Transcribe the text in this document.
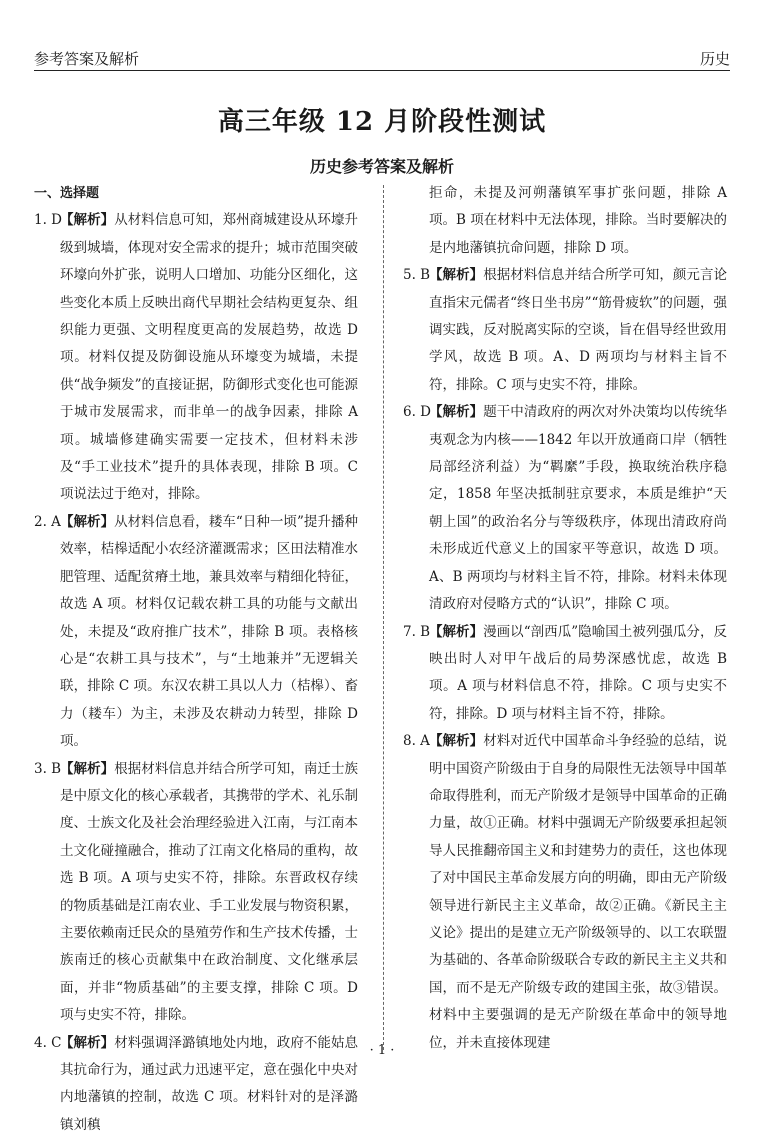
参考答案及解析	历史
高三年级 12 月阶段性测试
历史参考答案及解析
一、选择题
1. D
【解析】从材料信息可知，郑州商城建设从环壕升级到城墙，体现对安全需求的提升；城市范围突破环壕向外扩张，说明人口增加、功能分区细化，这些变化本质上反映出商代早期社会结构更复杂、组织能力更强、文明程度更高的发展趋势，故选 D 项。材料仅提及防御设施从环壕变为城墙，未提供“战争频发”的直接证据，防御形式变化也可能源于城市发展需求，而非单一的战争因素，排除 A 项。城墙修建确实需要一定技术，但材料未涉及“手工业技术”提升的具体表现，排除 B 项。C 项说法过于绝对，排除。
2. A 【解析】从材料信息看，耧车“日种一顷”提升播种效率，桔槔适配小农经济灌溉需求；区田法精准水肥管理、适配贫瘠土地，兼具效率与精细化特征，故选 A 项。材料仅记载农耕工具的功能与文献出处，未提及“政府推广技术”，排除 B 项。表格核心是“农耕工具与技术”，与“土地兼并”无逻辑关联，排除 C 项。东汉农耕工具以人力（桔槔）、畜力（耧车）为主，未涉及农耕动力转型，排除 D 项。
3. B
【解析】根据材料信息并结合所学可知，南迁士族是中原文化的核心承载者，其携带的学术、礼乐制度、士族文化及社会治理经验进入江南，与江南本土文化碰撞融合，推动了江南文化格局的重构，故选 B 项。A 项与史实不符，排除。东晋政权存续的物质基础是江南农业、手工业发展与物资积累，主要依赖南迁民众的垦殖劳作和生产技术传播，士族南迁的核心贡献集中在政治制度、文化继承层面，并非“物质基础”的主要支撑，排除 C 项。D 项与史实不符，排除。
4. C
【解析】材料强调泽潞镇地处内地，政府不能姑息其抗命行为，通过武力迅速平定，意在强化中央对内地藩镇的控制，故选 C 项。材料针对的是泽潞镇刘稹
拒命，未提及河朔藩镇军事扩张问题，排除 A 项。B 项在材料中无法体现，排除。当时要解决的是内地藩镇抗命问题，排除 D 项。
5. B
【解析】根据材料信息并结合所学可知，颜元言论直指宋元儒者“终日坐书房”“筋骨疲软”的问题，强调实践，反对脱离实际的空谈，旨在倡导经世致用学风，故选 B 项。A、D 两项均与材料主旨不符，排除。C 项与史实不符，排除。
6. D
【解析】题干中清政府的两次对外决策均以传统华夷观念为内核——1842 年以开放通商口岸（牺牲局部经济利益）为“羁縻”手段，换取统治秩序稳定，1858 年坚决抵制驻京要求，本质是维护“天朝上国”的政治名分与等级秩序，体现出清政府尚未形成近代意义上的国家平等意识，故选 D 项。A、B 两项均与材料主旨不符，排除。材料未体现清政府对侵略方式的“认识”，排除 C 项。
7. B
【解析】漫画以“剖西瓜”隐喻国土被列强瓜分，反映出时人对甲午战后的局势深感忧虑，故选 B 项。A 项与材料信息不符，排除。C 项与史实不符，排除。D 项与材料主旨不符，排除。
8. A 【解析】材料对近代中国革命斗争经验的总结，说明中国资产阶级由于自身的局限性无法领导中国革命取得胜利，而无产阶级才是领导中国革命的正确力量，故①正确。材料中强调无产阶级要承担起领导人民推翻帝国主义和封建势力的责任，这也体现了对中国民主革命发展方向的明确，即由无产阶级领导进行新民主主义革命，故②正确。《新民主主义论》提出的是建立无产阶级领导的、以工农联盟为基础的、各革命阶级联合专政的新民主主义共和国，而不是无产阶级专政的建国主张，故③错误。材料中主要强调的是无产阶级在革命中的领导地位，并未直接体现建
· 1 ·
